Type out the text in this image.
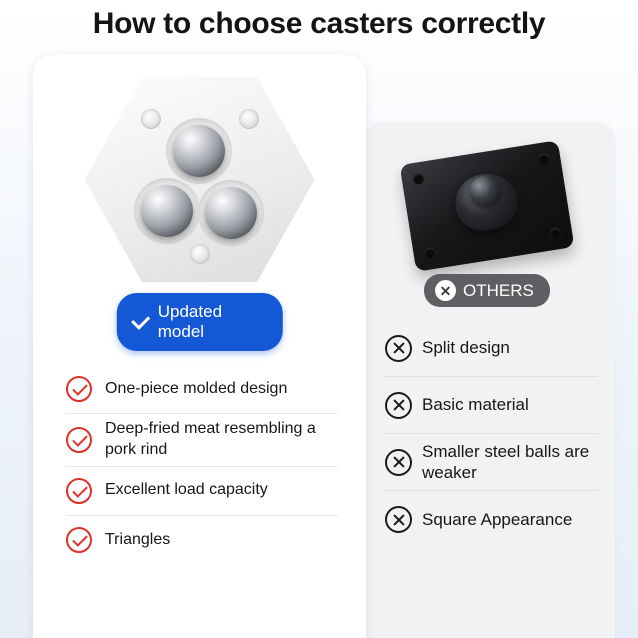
How to choose casters correctly
✕ OTHERS
Split design
Basic material
Smaller steel balls are weaker
Square Appearance
Updated model
One-piece molded design
Deep-fried meat resembling a pork rind
Excellent load capacity
Triangles
